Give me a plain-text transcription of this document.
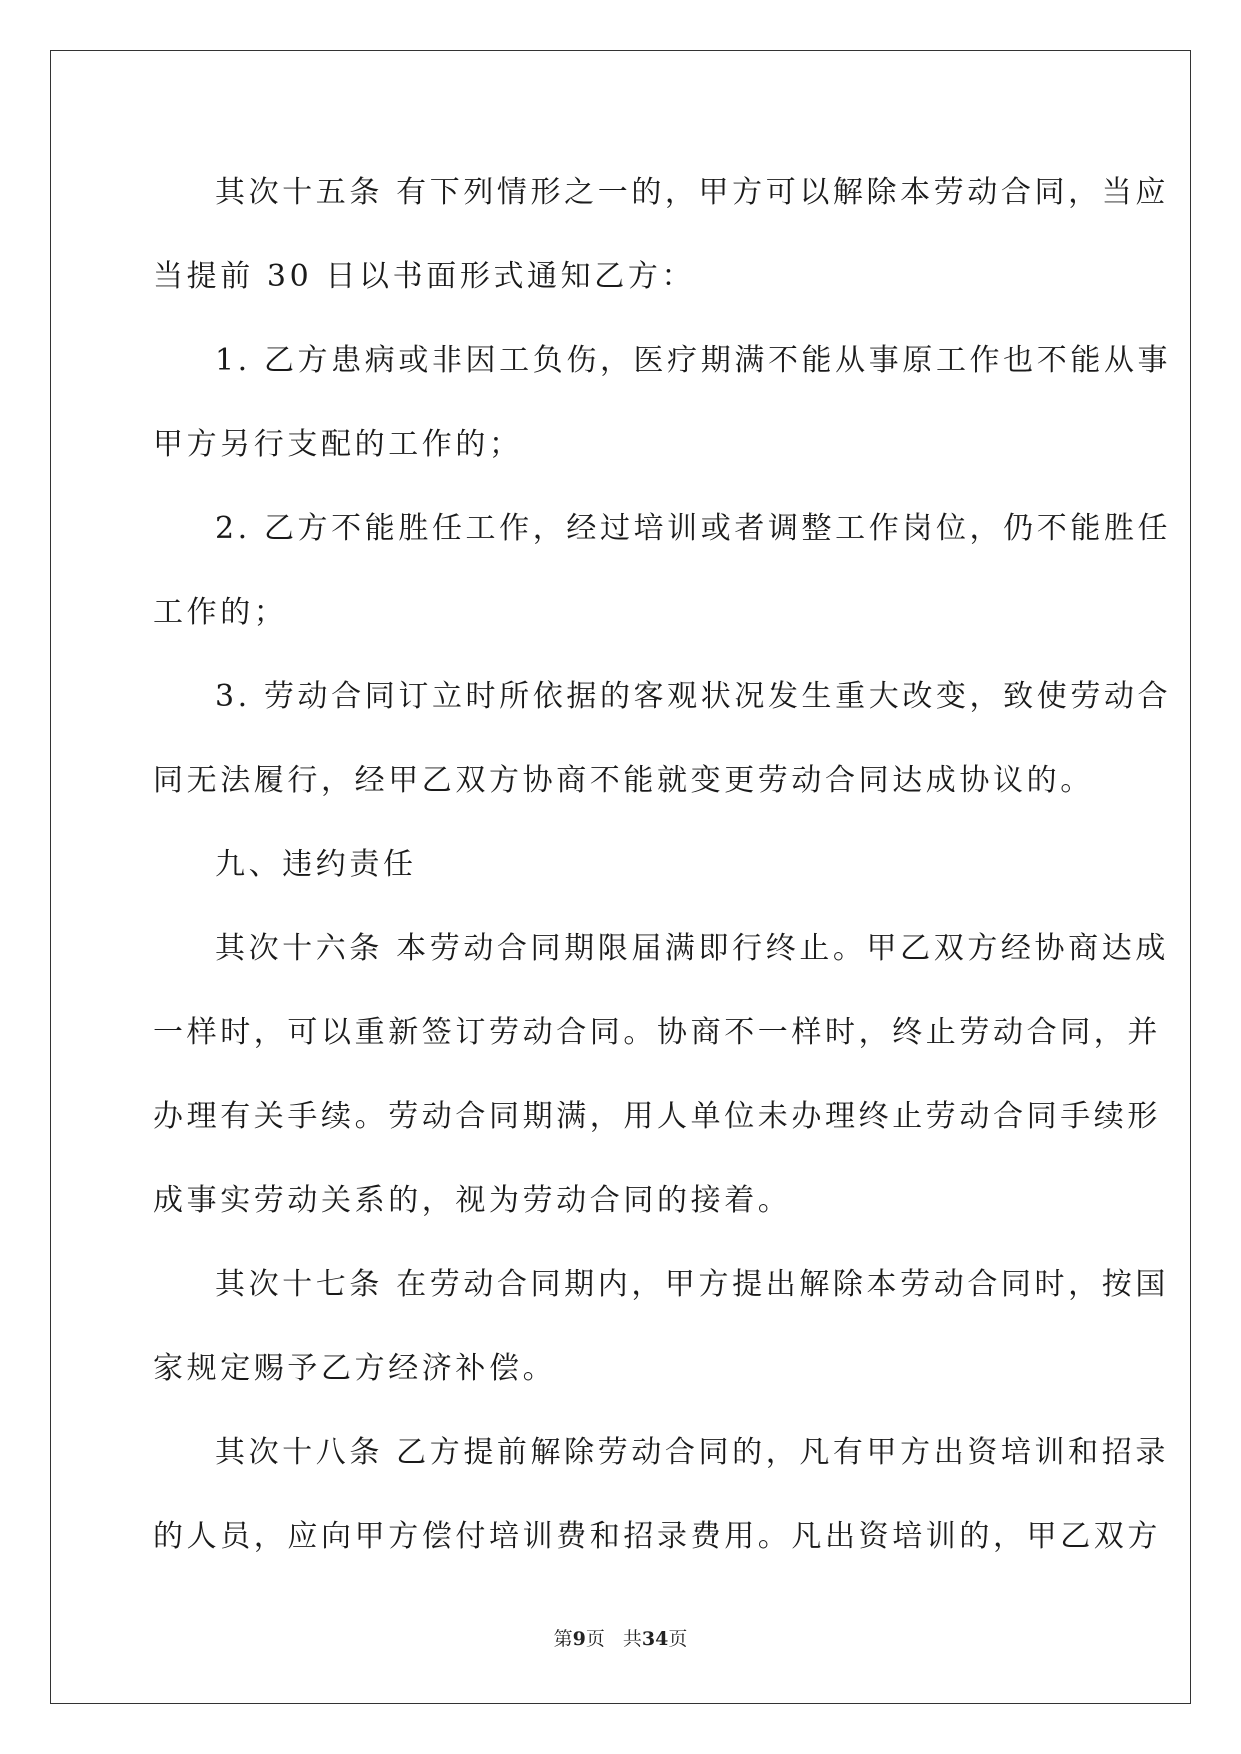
其次十五条 有下列情形之一的，甲方可以解除本劳动合同，当应
当提前 30 日以书面形式通知乙方：
1. 乙方患病或非因工负伤，医疗期满不能从事原工作也不能从事
甲方另行支配的工作的；
2. 乙方不能胜任工作，经过培训或者调整工作岗位，仍不能胜任
工作的；
3. 劳动合同订立时所依据的客观状况发生重大改变，致使劳动合
同无法履行，经甲乙双方协商不能就变更劳动合同达成协议的。
九、违约责任
其次十六条 本劳动合同期限届满即行终止。甲乙双方经协商达成
一样时，可以重新签订劳动合同。协商不一样时，终止劳动合同，并
办理有关手续。劳动合同期满，用人单位未办理终止劳动合同手续形
成事实劳动关系的，视为劳动合同的接着。
其次十七条 在劳动合同期内，甲方提出解除本劳动合同时，按国
家规定赐予乙方经济补偿。
其次十八条 乙方提前解除劳动合同的，凡有甲方出资培训和招录
的人员，应向甲方偿付培训费和招录费用。凡出资培训的，甲乙双方
第9页 共34页
